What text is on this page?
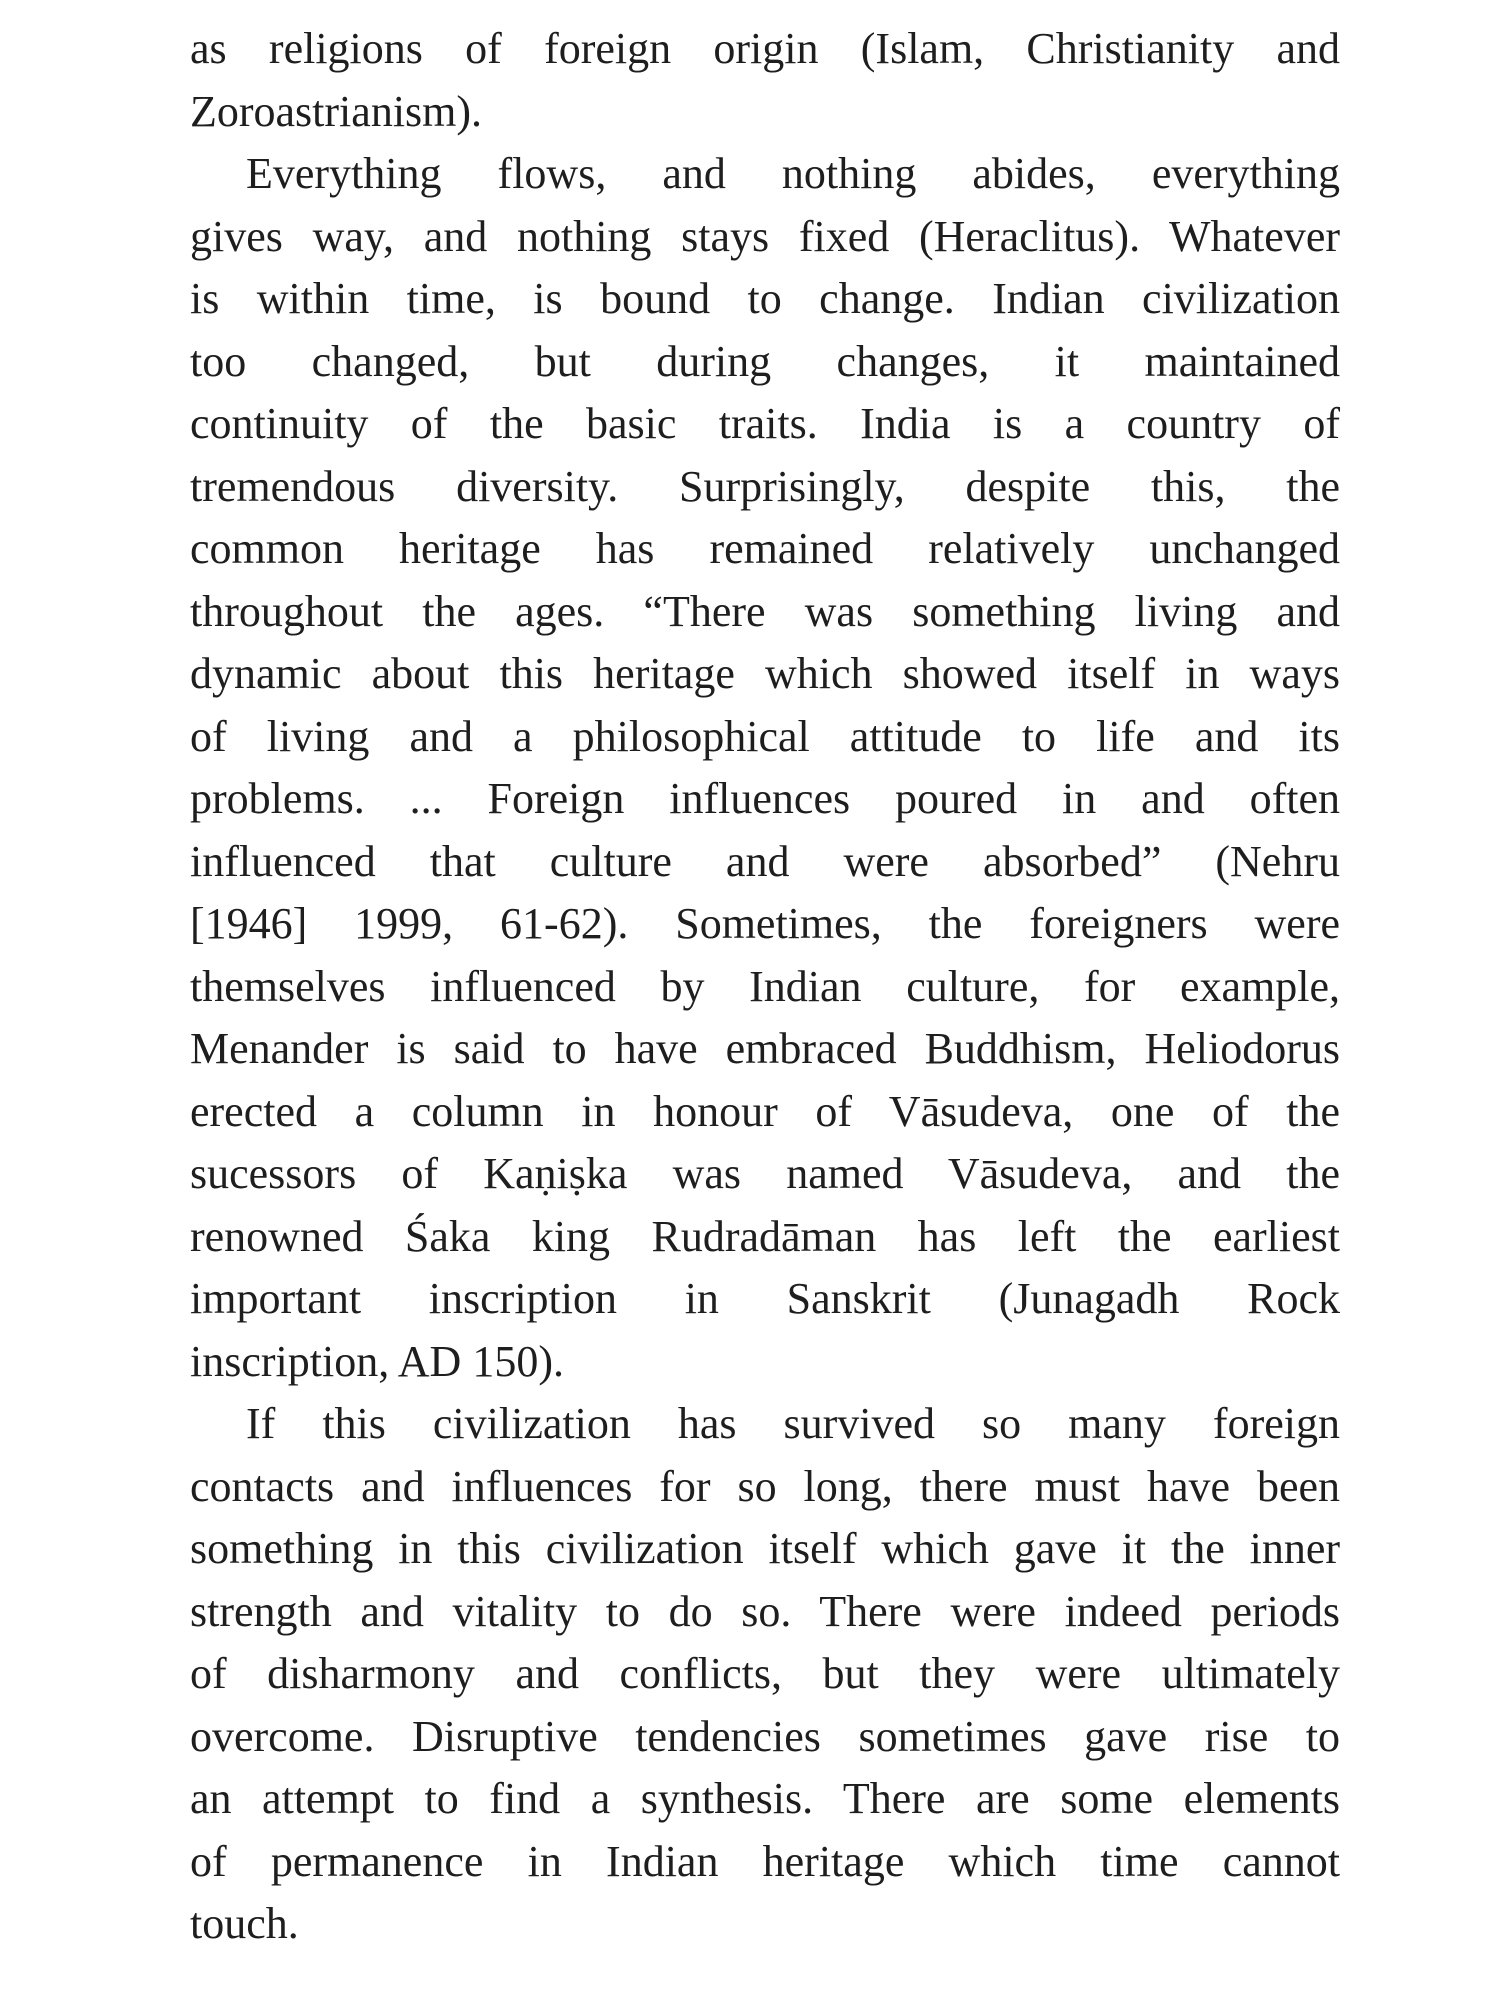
as religions of foreign origin (Islam, Christianity and
Zoroastrianism).

Everything flows, and nothing abides, everything
gives way, and nothing stays fixed (Heraclitus). Whatever
is within time, is bound to change. Indian civilization
too changed, but during changes, it maintained
continuity of the basic traits. India is a country of
tremendous diversity. Surprisingly, despite this, the
common heritage has remained relatively unchanged
throughout the ages. “There was something living and
dynamic about this heritage which showed itself in ways
of living and a philosophical attitude to life and its
problems. ... Foreign influences poured in and often
influenced that culture and were absorbed” (Nehru
[1946] 1999, 61-62). Sometimes, the foreigners were
themselves influenced by Indian culture, for example,
Menander is said to have embraced Buddhism, Heliodorus
erected a column in honour of Vāsudeva, one of the
sucessors of Kaṇiṣka was named Vāsudeva, and the
renowned Śaka king Rudradāman has left the earliest
important inscription in Sanskrit (Junagadh Rock
inscription, AD 150).

If this civilization has survived so many foreign
contacts and influences for so long, there must have been
something in this civilization itself which gave it the inner
strength and vitality to do so. There were indeed periods
of disharmony and conflicts, but they were ultimately
overcome. Disruptive tendencies sometimes gave rise to
an attempt to find a synthesis. There are some elements
of permanence in Indian heritage which time cannot
touch.
